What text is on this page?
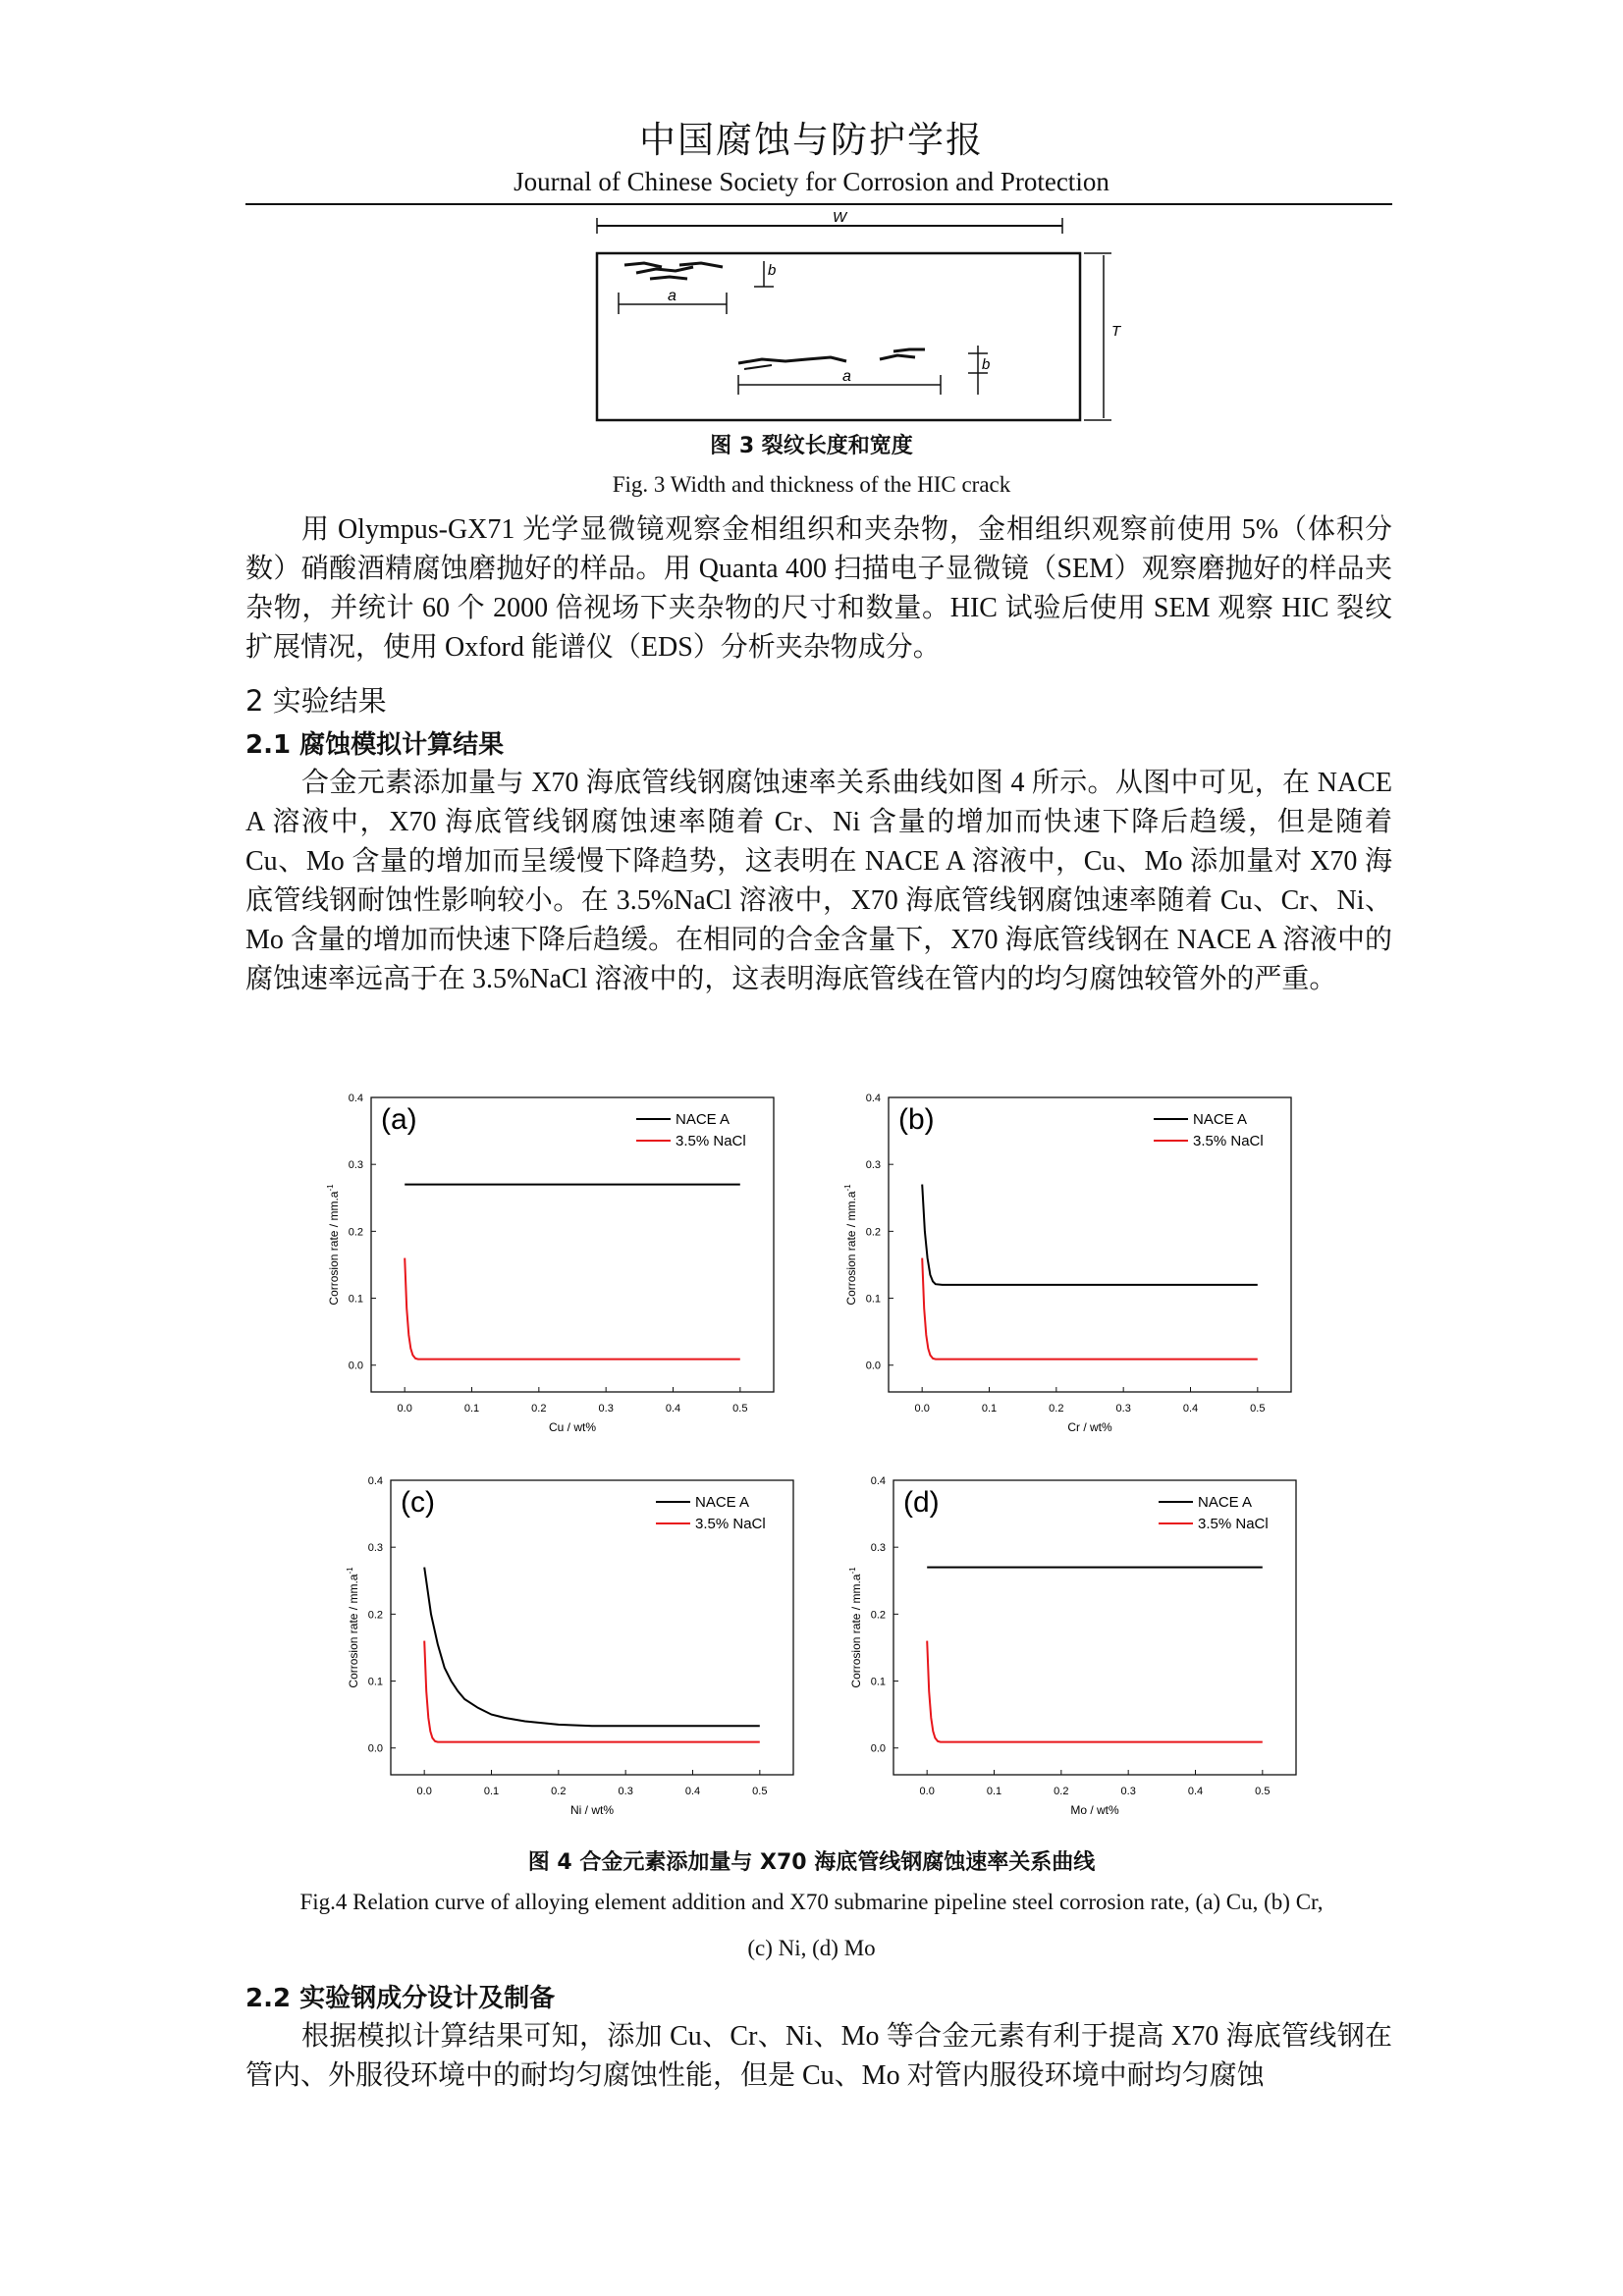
中国腐蚀与防护学报
Journal of Chinese Society for Corrosion and Protection
W
T
a
b
a
b
图 3 裂纹长度和宽度
Fig. 3 Width and thickness of the HIC crack

用 Olympus-GX71 光学显微镜观察金相组织和夹杂物，金相组织观察前使用 5%（体积分数）硝酸酒精腐蚀磨抛好的样品。用 Quanta 400 扫描电子显微镜（SEM）观察磨抛好的样品夹杂物，并统计 60 个 2000 倍视场下夹杂物的尺寸和数量。HIC 试验后使用 SEM 观察 HIC 裂纹扩展情况，使用 Oxford 能谱仪（EDS）分析夹杂物成分。

2 实验结果
2.1 腐蚀模拟计算结果

合金元素添加量与 X70 海底管线钢腐蚀速率关系曲线如图 4 所示。从图中可见，在 NACE A 溶液中，X70 海底管线钢腐蚀速率随着 Cr、Ni 含量的增加而快速下降后趋缓，但是随着 Cu、Mo 含量的增加而呈缓慢下降趋势，这表明在 NACE A 溶液中，Cu、Mo 添加量对 X70 海底管线钢耐蚀性影响较小。在 3.5%NaCl 溶液中，X70 海底管线钢腐蚀速率随着 Cu、Cr、Ni、Mo 含量的增加而快速下降后趋缓。在相同的合金含量下，X70 海底管线钢在 NACE A 溶液中的腐蚀速率远高于在 3.5%NaCl 溶液中的，这表明海底管线在管内的均匀腐蚀较管外的严重。

0.0
0.1
0.2
0.3
0.4
0.0	0.1	0.2	0.3	0.4	0.5
Cu / wt%
Corrosion rate / $mm.a^{-1}$
(a)	NACE A
3.5% NaCl
0.0
0.1
0.2
0.3
0.4
0.0	0.1	0.2	0.3	0.4	0.5
Cr / wt%
Corrosion rate / $mm.a^{-1}$
(b)	NACE A
3.5% NaCl
0.0
0.1
0.2
0.3
0.4
0.0	0.1	0.2	0.3	0.4	0.5
Ni / wt%
Corrosion rate / $mm.a^{-1}$
(c)	NACE A
3.5% NaCl
0.0
0.1
0.2
0.3
0.4
0.0	0.1	0.2	0.3	0.4	0.5
Mo / wt%
Corrosion rate / $mm.a^{-1}$
(d)	NACE A
3.5% NaCl
图 4 合金元素添加量与 X70 海底管线钢腐蚀速率关系曲线
Fig.4 Relation curve of alloying element addition and X70 submarine pipeline steel corrosion rate, (a) Cu, (b) Cr,
(c) Ni, (d) Mo
2.2 实验钢成分设计及制备

根据模拟计算结果可知，添加 Cu、Cr、Ni、Mo 等合金元素有利于提高 X70 海底管线钢在管内、外服役环境中的耐均匀腐蚀性能，但是 Cu、Mo 对管内服役环境中耐均匀腐蚀
